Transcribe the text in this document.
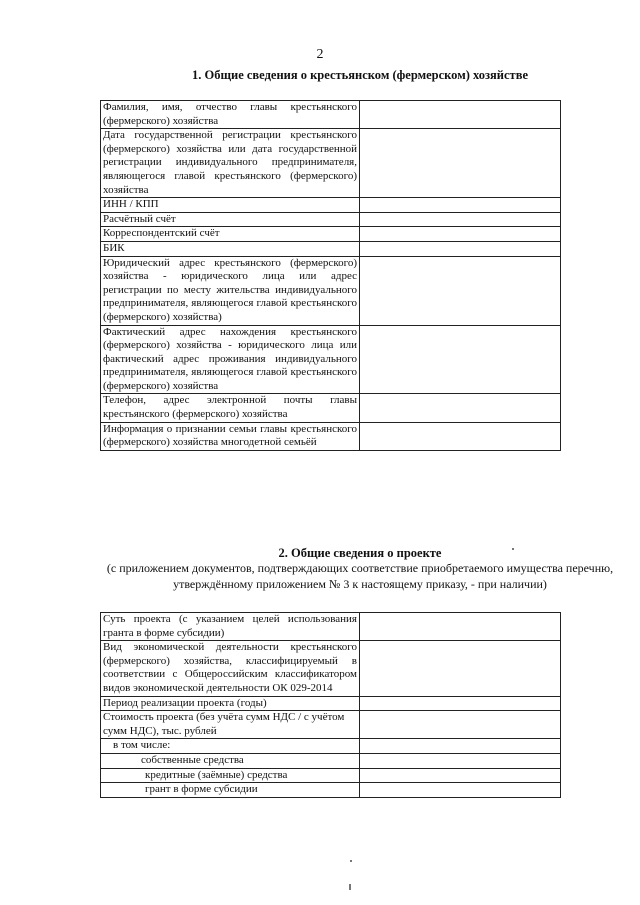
2
1. Общие сведения о крестьянском (фермерском) хозяйстве
Фамилия, имя, отчество главы крестьянского (фермерского) хозяйства	
Дата государственной регистрации крестьянского (фермерского) хозяйства или дата государственной регистрации индивидуального предпринимателя, являющегося главой крестьянского (фермерского) хозяйства	
ИНН / КПП	
Расчётный счёт	
Корреспондентский счёт	
БИК	
Юридический адрес крестьянского (фермерского) хозяйства - юридического лица или адрес регистрации по месту жительства индивидуального предпринимателя, являющегося главой крестьянского (фермерского) хозяйства)	
Фактический адрес нахождения крестьянского (фермерского) хозяйства - юридического лица или фактический адрес проживания индивидуального предпринимателя, являющегося главой крестьянского (фермерского) хозяйства	
Телефон, адрес электронной почты главы крестьянского (фермерского) хозяйства	
Информация о признании семьи главы крестьянского (фермерского) хозяйства многодетной семьёй	
2. Общие сведения о проекте
(с приложением документов, подтверждающих соответствие приобретаемого имущества перечню, утверждённому приложением № 3 к настоящему приказу, - при наличии)
Суть проекта (с указанием целей использования гранта в форме субсидии)	
Вид экономической деятельности крестьянского (фермерского) хозяйства, классифицируемый в соответствии с Общероссийским классификатором видов экономической деятельности ОК 029-2014	
Период реализации проекта (годы)	
Стоимость проекта (без учёта сумм НДС / с учётом сумм НДС), тыс. рублей	
в том числе:	
собственные средства	
кредитные (заёмные) средства	
грант в форме субсидии	
